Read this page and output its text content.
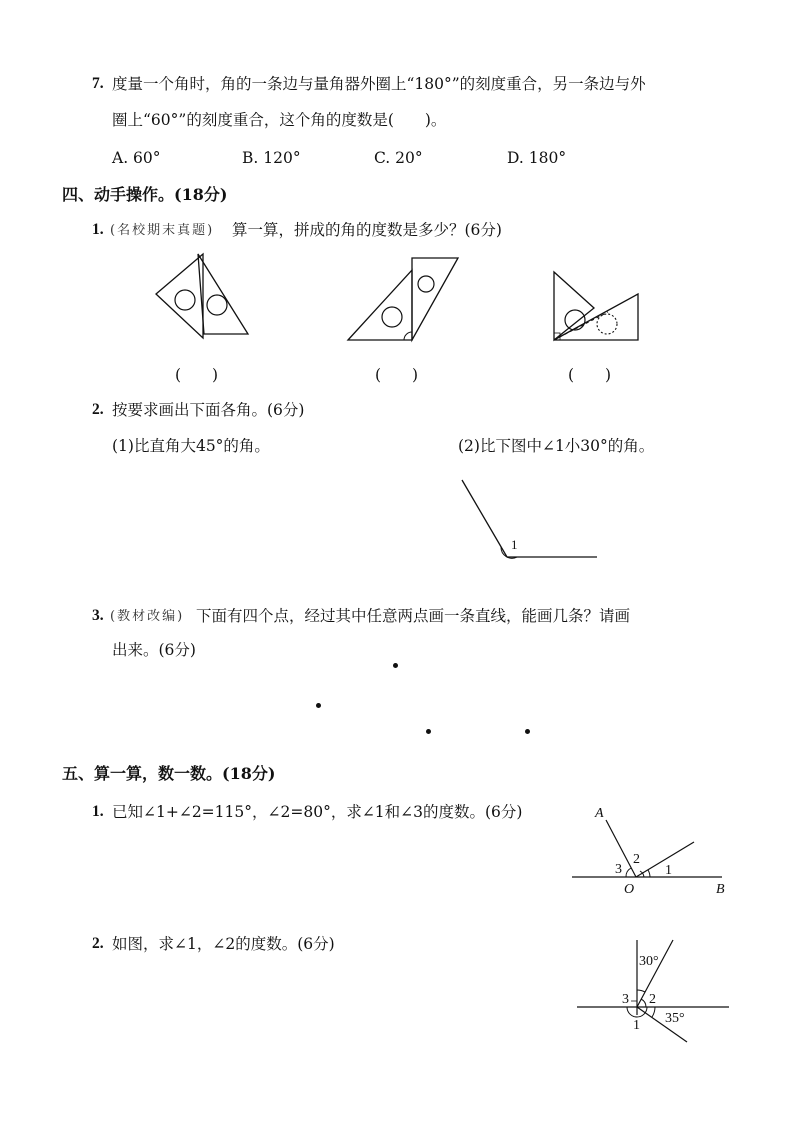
7. 度量一个角时，角的一条边与量角器外圈上“180°”的刻度重合，另一条边与外
圈上“60°”的刻度重合，这个角的度数是(　　)。
A. 60°	B. 120°	C. 20°	D. 180°
四、动手操作。(18分)
1. (名校期末真题) 算一算，拼成的角的度数是多少？(6分)
(　　)	(　　)	(　　)
2. 按要求画出下面各角。(6分)
(1)比直角大45°的角。	(2)比下图中∠1小30°的角。
1
3. (教材改编) 下面有四个点，经过其中任意两点画一条直线，能画几条？请画
出来。(6分)
五、算一算，数一数。(18分)
1. 已知∠1+∠2=115°，∠2=80°，求∠1和∠3的度数。(6分)	A
B
O
3
2
1
2. 如图，求∠1，∠2的度数。(6分)
30°
35°
3 2
1
